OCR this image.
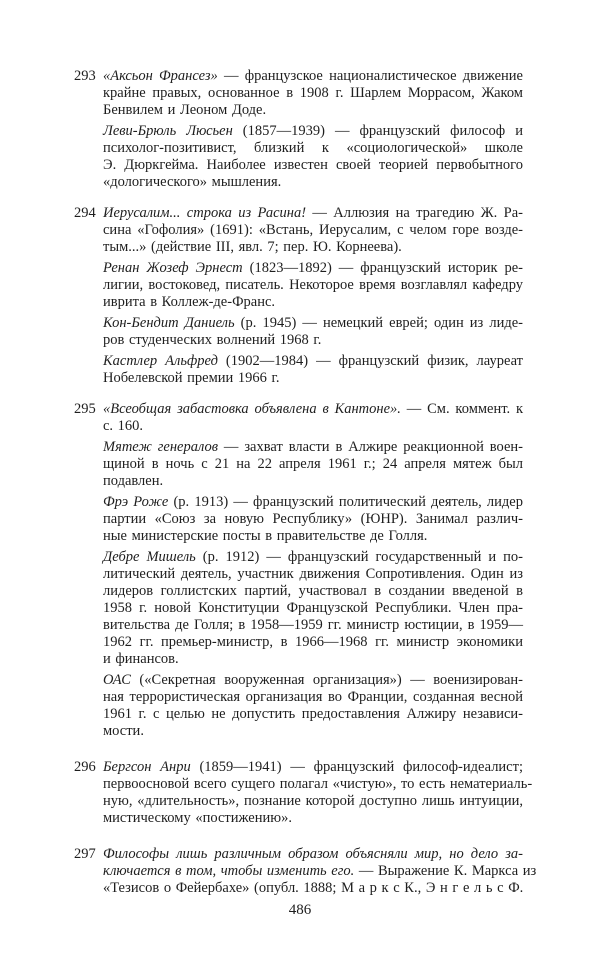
293 «Аксьон Франсез» — французское националистическое движение
крайне правых, основанное в 1908 г. Шарлем Моррасом, Жаком
Бенвилем и Леоном Доде.
Леви-Брюль Люсьен (1857—1939) — французский философ и
психолог-позитивист, близкий к «социологической» школе
Э. Дюркгейма. Наиболее известен своей теорией первобытного
«дологического» мышления.
294 Иерусалим... строка из Расина! — Аллюзия на трагедию Ж. Ра-
сина «Гофолия» (1691): «Встань, Иерусалим, с челом горе возде-
тым...» (действие III, явл. 7; пер. Ю. Корнеева).
Ренан Жозеф Эрнест (1823—1892) — французский историк ре-
лигии, востоковед, писатель. Некоторое время возглавлял кафедру
иврита в Коллеж-де-Франс.
Кон-Бендит Даниель (р. 1945) — немецкий еврей; один из лиде-
ров студенческих волнений 1968 г.
Кастлер Альфред (1902—1984) — французский физик, лауреат
Нобелевской премии 1966 г.
295 «Всеобщая забастовка объявлена в Кантоне». — См. коммент. к
с. 160.
Мятеж генералов — захват власти в Алжире реакционной воен-
щиной в ночь с 21 на 22 апреля 1961 г.; 24 апреля мятеж был
подавлен.
Фрэ Роже (р. 1913) — французский политический деятель, лидер
партии «Союз за новую Республику» (ЮНР). Занимал различ-
ные министерские посты в правительстве де Голля.
Дебре Мишель (р. 1912) — французский государственный и по-
литический деятель, участник движения Сопротивления. Один из
лидеров голлистских партий, участвовал в создании введеной в
1958 г. новой Конституции Французской Республики. Член пра-
вительства де Голля; в 1958—1959 гг. министр юстиции, в 1959—
1962 гг. премьер-министр, в 1966—1968 гг. министр экономики
и финансов.
ОАС («Секретная вооруженная организация») — военизирован-
ная террористическая организация во Франции, созданная весной
1961 г. с целью не допустить предоставления Алжиру независи-
мости.
296 Бергсон Анри (1859—1941) — французский философ-идеалист;
первоосновой всего сущего полагал «чистую», то есть нематериаль-
ную, «длительность», познание которой доступно лишь интуиции,
мистическому «постижению».
297 Философы лишь различным образом объясняли мир, но дело за-
ключается в том, чтобы изменить его. — Выражение К. Маркса из
«Тезисов о Фейербахе» (опубл. 1888; М а р к с К., Э н г е л ь с Ф.
486
